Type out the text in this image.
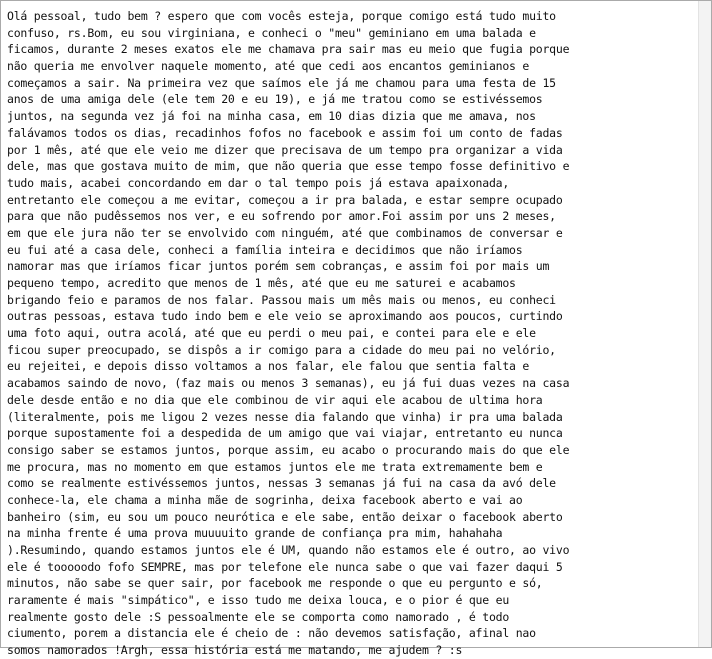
Olá pessoal, tudo bem ? espero que com vocês esteja, porque comigo está tudo muito
confuso, rs.Bom, eu sou virginiana, e conheci o "meu" geminiano em uma balada e
ficamos, durante 2 meses exatos ele me chamava pra sair mas eu meio que fugia porque
não queria me envolver naquele momento, até que cedi aos encantos geminianos e
começamos a sair. Na primeira vez que saímos ele já me chamou para uma festa de 15
anos de uma amiga dele (ele tem 20 e eu 19), e já me tratou como se estivéssemos
juntos, na segunda vez já foi na minha casa, em 10 dias dizia que me amava, nos
falávamos todos os dias, recadinhos fofos no facebook e assim foi um conto de fadas
por 1 mês, até que ele veio me dizer que precisava de um tempo pra organizar a vida
dele, mas que gostava muito de mim, que não queria que esse tempo fosse definitivo e
tudo mais, acabei concordando em dar o tal tempo pois já estava apaixonada,
entretanto ele começou a me evitar, começou a ir pra balada, e estar sempre ocupado
para que não pudêssemos nos ver, e eu sofrendo por amor.Foi assim por uns 2 meses,
em que ele jura não ter se envolvido com ninguém, até que combinamos de conversar e
eu fui até a casa dele, conheci a família inteira e decidimos que não iríamos
namorar mas que iríamos ficar juntos porém sem cobranças, e assim foi por mais um
pequeno tempo, acredito que menos de 1 mês, até que eu me saturei e acabamos
brigando feio e paramos de nos falar. Passou mais um mês mais ou menos, eu conheci
outras pessoas, estava tudo indo bem e ele veio se aproximando aos poucos, curtindo
uma foto aqui, outra acolá, até que eu perdi o meu pai, e contei para ele e ele
ficou super preocupado, se dispôs a ir comigo para a cidade do meu pai no velório,
eu rejeitei, e depois disso voltamos a nos falar, ele falou que sentia falta e
acabamos saindo de novo, (faz mais ou menos 3 semanas), eu já fui duas vezes na casa
dele desde então e no dia que ele combinou de vir aqui ele acabou de ultima hora
(literalmente, pois me ligou 2 vezes nesse dia falando que vinha) ir pra uma balada
porque supostamente foi a despedida de um amigo que vai viajar, entretanto eu nunca
consigo saber se estamos juntos, porque assim, eu acabo o procurando mais do que ele
me procura, mas no momento em que estamos juntos ele me trata extremamente bem e
como se realmente estivéssemos juntos, nessas 3 semanas já fui na casa da avó dele
conhece-la, ele chama a minha mãe de sogrinha, deixa facebook aberto e vai ao
banheiro (sim, eu sou um pouco neurótica e ele sabe, então deixar o facebook aberto
na minha frente é uma prova muuuuito grande de confiança pra mim, hahahaha
).Resumindo, quando estamos juntos ele é UM, quando não estamos ele é outro, ao vivo
ele é tooooodo fofo SEMPRE, mas por telefone ele nunca sabe o que vai fazer daqui 5
minutos, não sabe se quer sair, por facebook me responde o que eu pergunto e só,
raramente é mais "simpático", e isso tudo me deixa louca, e o pior é que eu
realmente gosto dele :S pessoalmente ele se comporta como namorado , é todo
ciumento, porem a distancia ele é cheio de : não devemos satisfação, afinal nao
somos namorados !Argh, essa história está me matando, me ajudem ? :s
